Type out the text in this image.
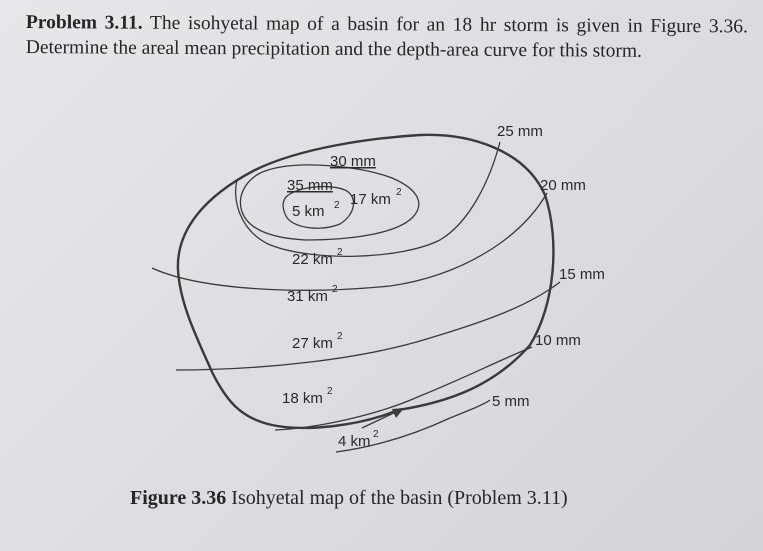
Problem 3.11. The isohyetal map of a basin for an 18 hr storm is given in Figure 3.36. Determine the areal mean precipitation and the depth-area curve for this storm.
35 mm
30 mm
25 mm
20 mm
15 mm
10 mm
5 mm
5 km 2 17 km 2
22 km 2
31 km 2
27 km 2
18 km 2
4 km 2
Figure 3.36 Isohyetal map of the basin (Problem 3.11)
